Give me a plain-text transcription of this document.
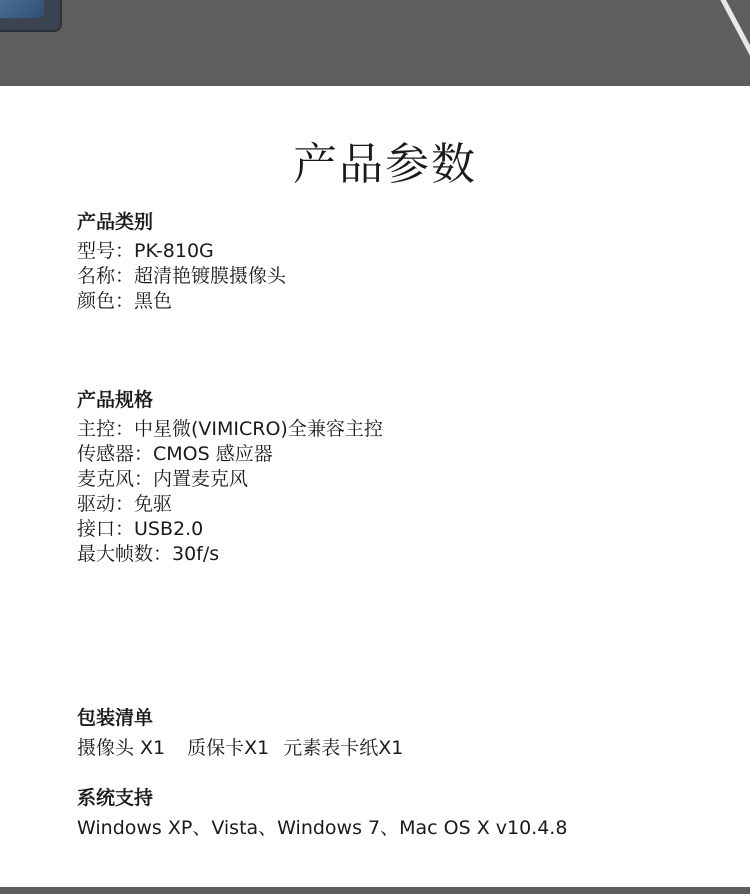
产品参数
产品类别
型号：PK-810G
名称：超清艳镀膜摄像头
颜色：黑色
产品规格
主控：中星微(VIMICRO)全兼容主控
传感器：CMOS 感应器
麦克风：内置麦克风
驱动：免驱
接口：USB2.0
最大帧数：30f/s
包装清单
摄像头 X1 质保卡X1 元素表卡纸X1
系统支持
Windows XP、Vista、Windows 7、Mac OS X v10.4.8
